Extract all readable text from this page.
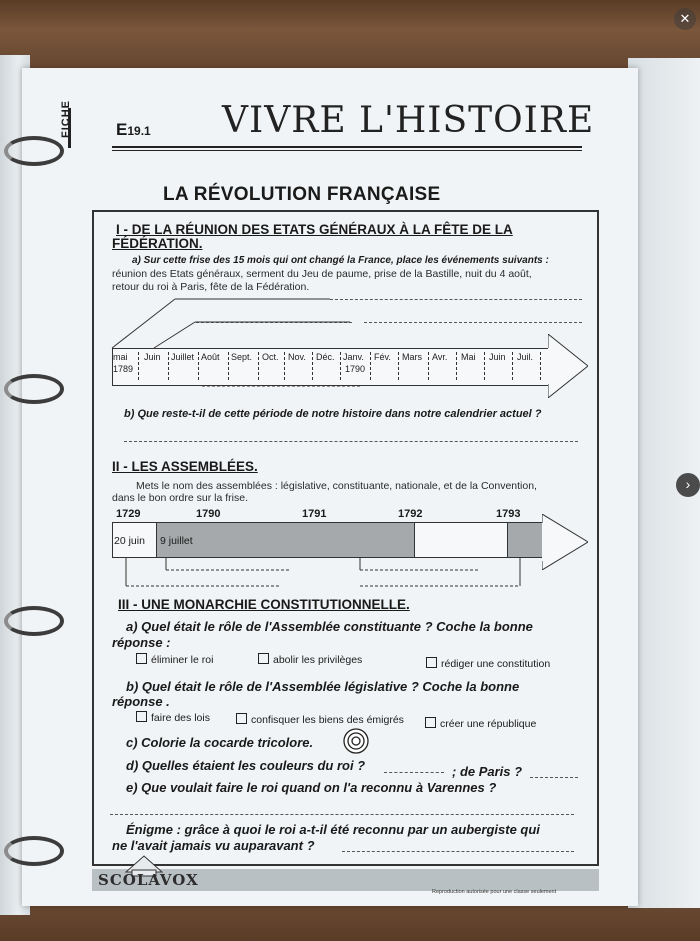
FICHE	E19.1 VIVRE L'HISTOIRE
LA RÉVOLUTION FRANÇAISE
I - DE LA RÉUNION DES ETATS GÉNÉRAUX À LA FÊTE DE LA
FÉDÉRATION.
a) Sur cette frise des 15 mois qui ont changé la France, place les événements suivants :
réunion des Etats généraux, serment du Jeu de paume, prise de la Bastille, nuit du 4 août,
retour du roi à Paris, fête de la Fédération.
mai
1789
Juin Juillet Août Sept. Oct. Nov. Déc. Janv.
1790
Fév. Mars Avr. Mai Juin Juil.
b) Que reste-t-il de cette période de notre histoire dans notre calendrier actuel ?
II - LES ASSEMBLÉES.
Mets le nom des assemblées : législative, constituante, nationale, et de la Convention,
dans le bon ordre sur la frise.
1729	1790	1791	1792	1793
20 juin 9 juillet
III - UNE MONARCHIE CONSTITUTIONNELLE.
a) Quel était le rôle de l'Assemblée constituante ? Coche la bonne
réponse :
éliminer le roi	abolir les privilèges	rédiger une constitution
b) Quel était le rôle de l'Assemblée législative ? Coche la bonne
réponse .
faire des lois	confisquer les biens des émigrés	créer une république
c) Colorie la cocarde tricolore.
d) Quelles étaient les couleurs du roi ?	; de Paris ?
e) Que voulait faire le roi quand on l'a reconnu à Varennes ?
Énigme : grâce à quoi le roi a-t-il été reconnu par un aubergiste qui
ne l'avait jamais vu auparavant ?
SCOLAVOX
Reproduction autorisée pour une classe seulement
›
✕
